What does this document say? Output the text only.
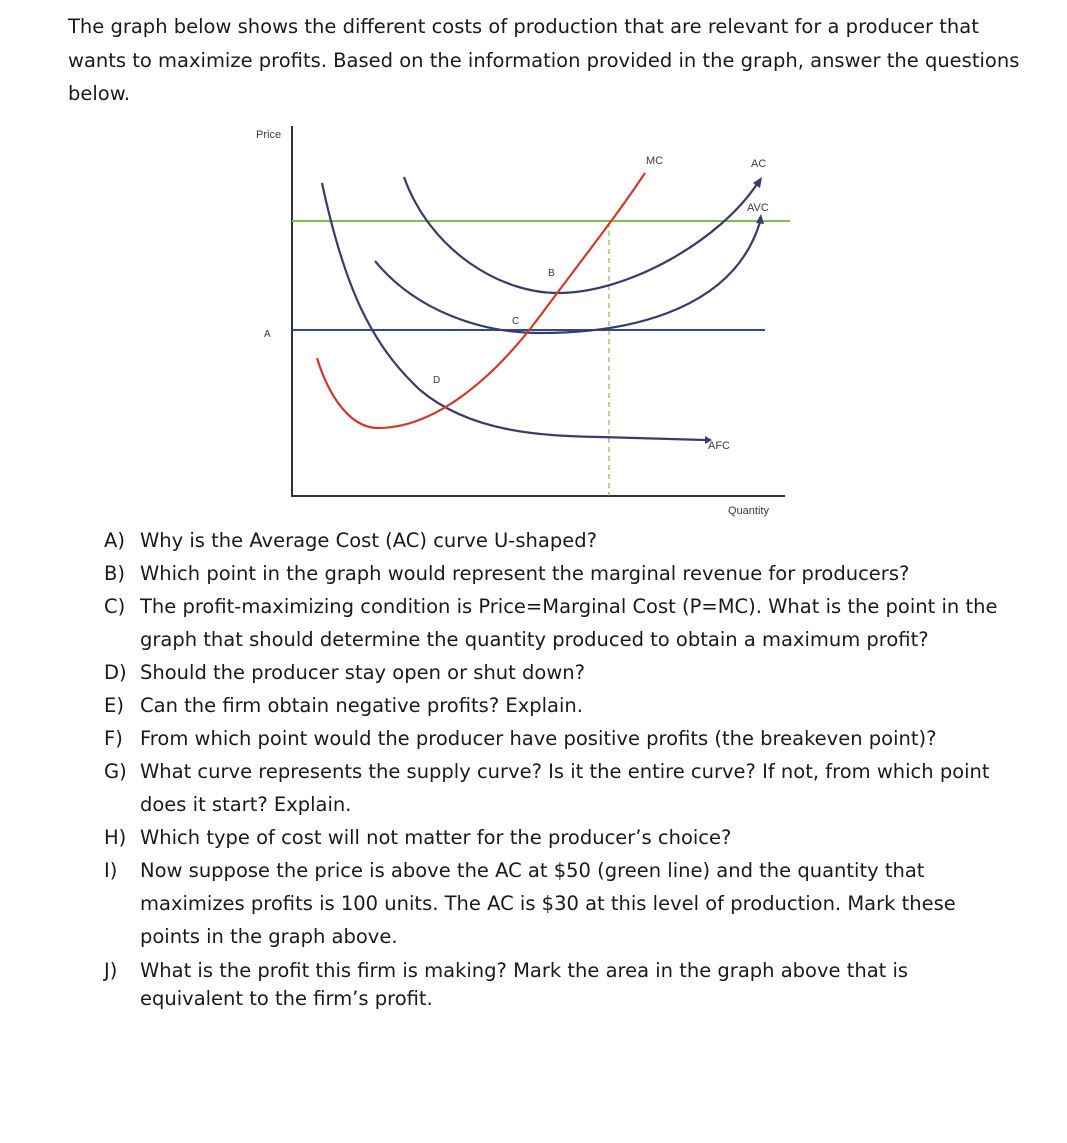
The graph below shows the different costs of production that are relevant for a producer that wants to maximize profits. Based on the information provided in the graph, answer the questions below.

Price
Quantity
MC	AC
AVC
AFC
A
B
C
D
A) Why is the Average Cost (AC) curve U-shaped?
B) Which point in the graph would represent the marginal revenue for producers?
C) The profit-maximizing condition is Price=Marginal Cost (P=MC). What is the point in the graph that should determine the quantity produced to obtain a maximum profit?
D) Should the producer stay open or shut down?
E) Can the firm obtain negative profits? Explain.
F) From which point would the producer have positive profits (the breakeven point)?
G) What curve represents the supply curve? Is it the entire curve? If not, from which point does it start? Explain.
H) Which type of cost will not matter for the producer’s choice?
I) Now suppose the price is above the AC at $50 (green line) and the quantity that maximizes profits is 100 units. The AC is $30 at this level of production. Mark these points in the graph above.
J) What is the profit this firm is making? Mark the area in the graph above that is equivalent to the firm’s profit.
